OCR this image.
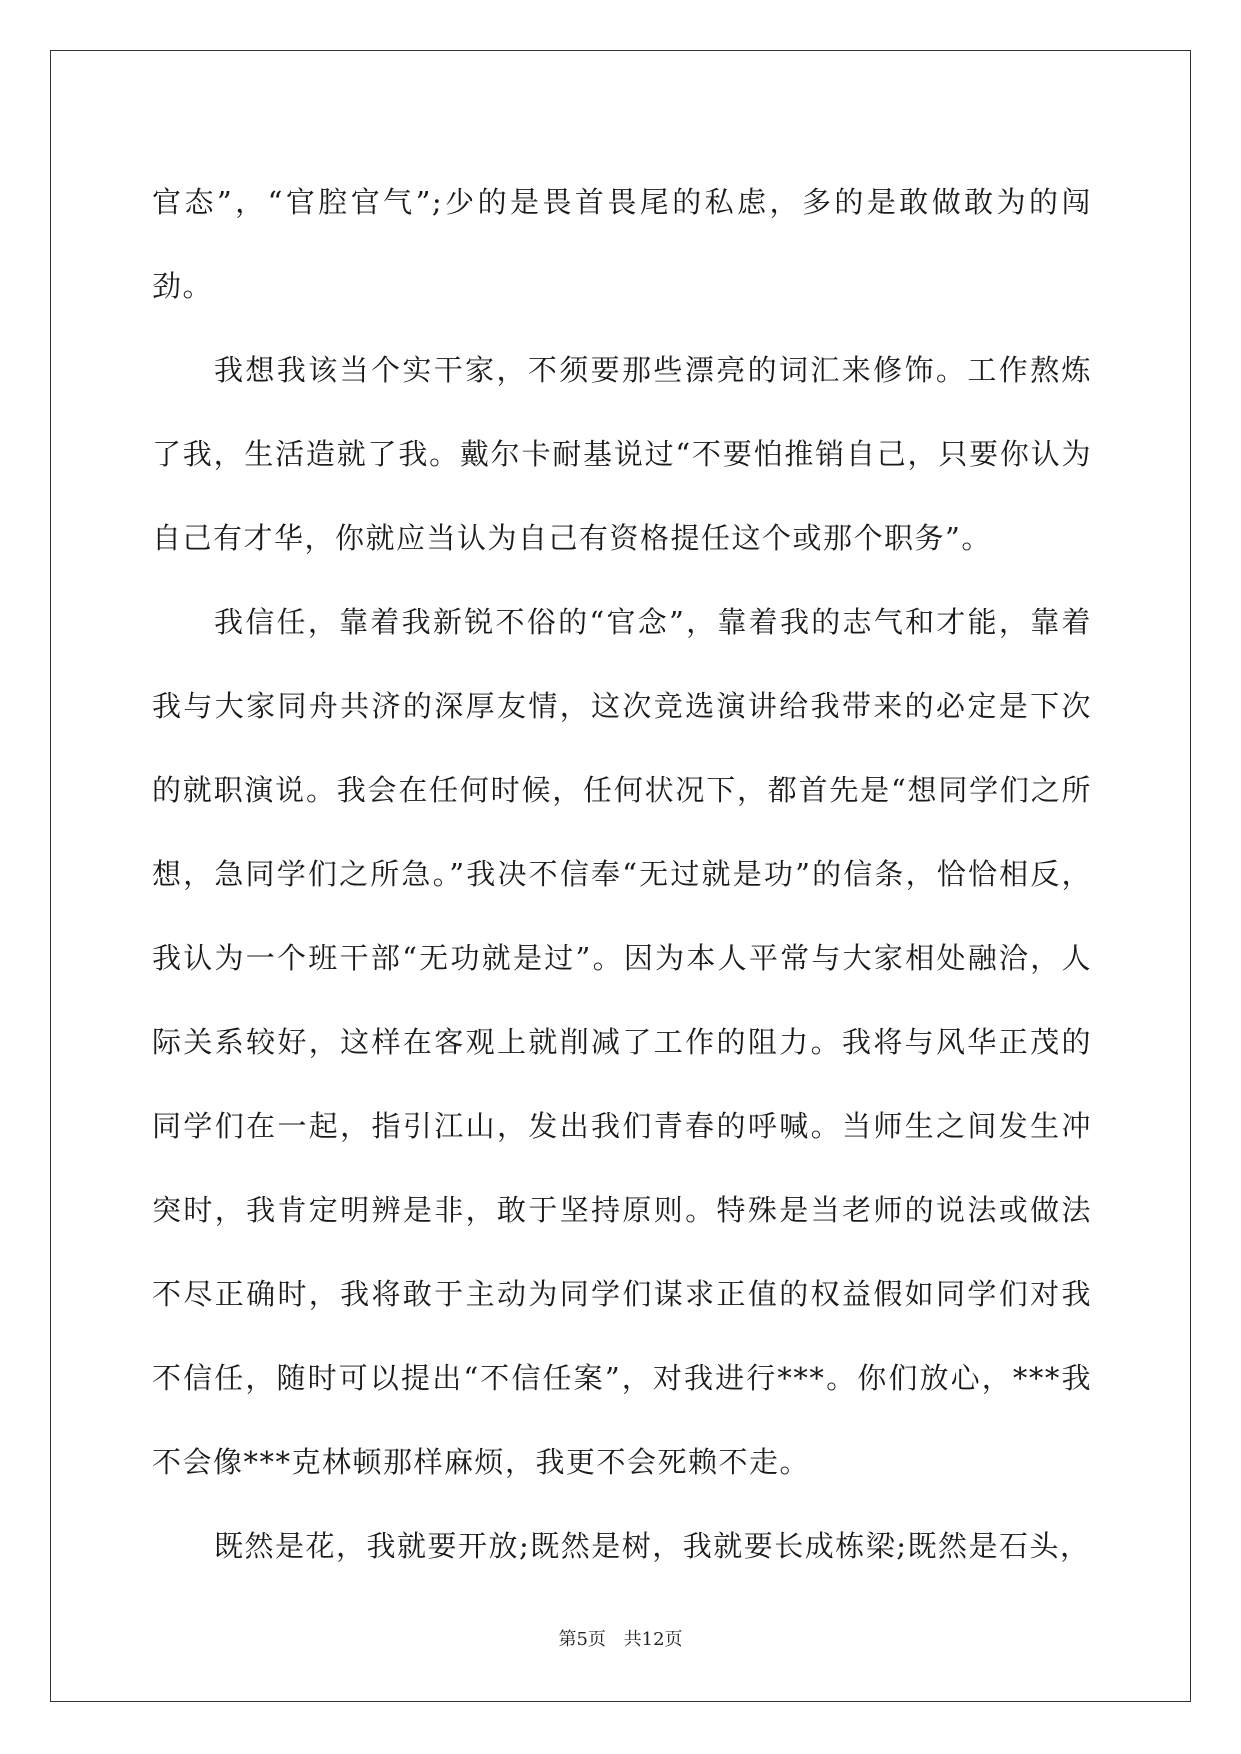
官态”，“官腔官气”;少的是畏首畏尾的私虑，多的是敢做敢为的闯劲。

我想我该当个实干家，不须要那些漂亮的词汇来修饰。工作熬炼了我，生活造就了我。戴尔卡耐基说过“不要怕推销自己，只要你认为自己有才华，你就应当认为自己有资格提任这个或那个职务”。

我信任，靠着我新锐不俗的“官念”，靠着我的志气和才能，靠着我与大家同舟共济的深厚友情，这次竞选演讲给我带来的必定是下次的就职演说。我会在任何时候，任何状况下，都首先是“想同学们之所想，急同学们之所急。”我决不信奉“无过就是功”的信条，恰恰相反，我认为一个班干部“无功就是过”。因为本人平常与大家相处融洽，人际关系较好，这样在客观上就削减了工作的阻力。我将与风华正茂的同学们在一起，指引江山，发出我们青春的呼喊。当师生之间发生冲突时，我肯定明辨是非，敢于坚持原则。特殊是当老师的说法或做法不尽正确时，我将敢于主动为同学们谋求正值的权益假如同学们对我不信任，随时可以提出“不信任案”，对我进行***。你们放心，***我不会像***克林顿那样麻烦，我更不会死赖不走。

既然是花，我就要开放;既然是树，我就要长成栋梁;既然是石头，

第5页 共12页
